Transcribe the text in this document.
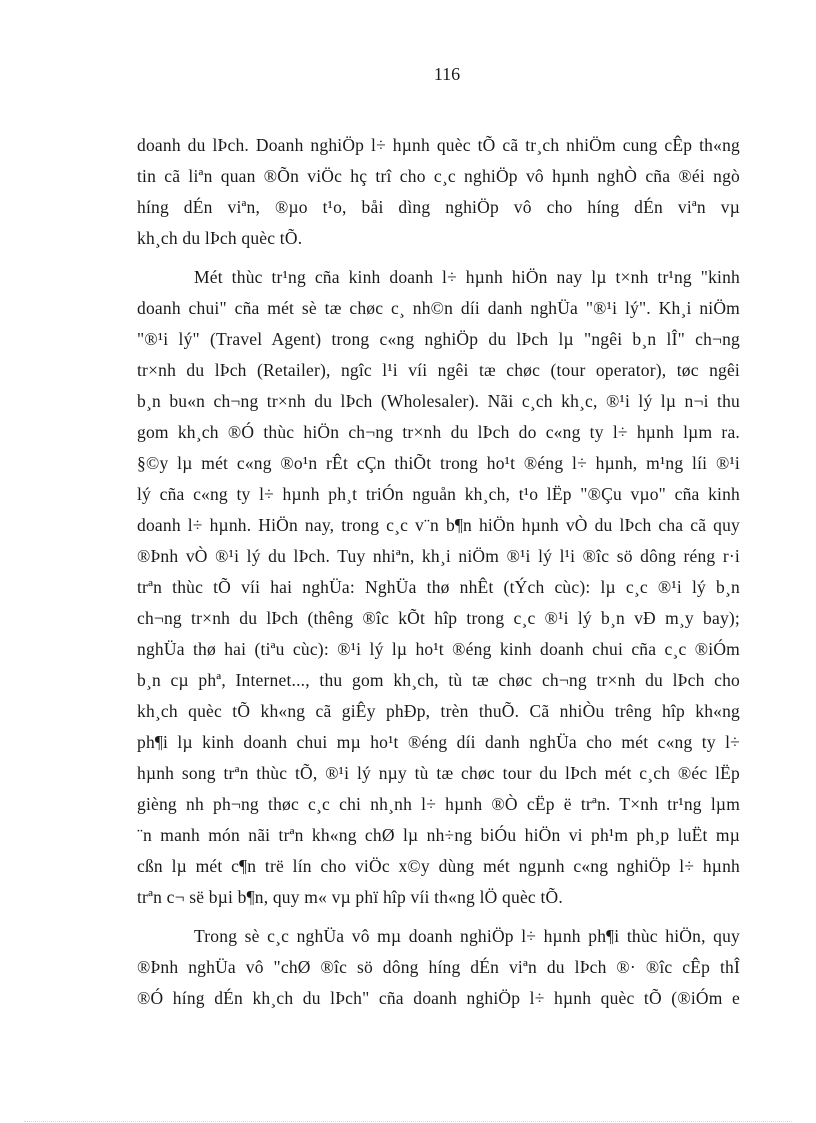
116

doanh du lÞch. Doanh nghiÖp l÷ hµnh quèc tÕ cã tr¸ch nhiÖm cung cÊp th«ng
tin cã liªn quan ®Õn viÖc hç trî cho c¸c nghiÖp vô hµnh nghÒ cña ®éi ngò
híng dÉn viªn, ®µo t¹o, båi dìng nghiÖp vô cho híng dÉn viªn vµ
kh¸ch du lÞch quèc tÕ.

Mét thùc tr¹ng cña kinh doanh l÷ hµnh hiÖn nay lµ t×nh tr¹ng "kinh
doanh chui" cña mét sè tæ chøc c¸ nh©n díi danh nghÜa "®¹i lý". Kh¸i niÖm
"®¹i lý" (Travel Agent) trong c«ng nghiÖp du lÞch lµ "ngêi b¸n lÎ" ch¬ng
tr×nh du lÞch (Retailer), ngîc l¹i víi ngêi tæ chøc (tour operator), tøc ngêi
b¸n bu«n ch¬ng tr×nh du lÞch (Wholesaler). Nãi c¸ch kh¸c, ®¹i lý lµ n¬i thu
gom kh¸ch ®Ó thùc hiÖn ch¬ng tr×nh du lÞch do c«ng ty l÷ hµnh lµm ra.
§©y lµ mét c«ng ®o¹n rÊt cÇn thiÕt trong ho¹t ®éng l÷ hµnh, m¹ng líi ®¹i
lý cña c«ng ty l÷ hµnh ph¸t triÓn nguån kh¸ch, t¹o lËp "®Çu vµo" cña kinh
doanh l÷ hµnh. HiÖn nay, trong c¸c v¨n b¶n hiÖn hµnh vÒ du lÞch cha cã quy
®Þnh vÒ ®¹i lý du lÞch. Tuy nhiªn, kh¸i niÖm ®¹i lý l¹i ®îc sö dông réng r·i
trªn thùc tÕ víi hai nghÜa: NghÜa thø nhÊt (tÝch cùc): lµ c¸c ®¹i lý b¸n
ch¬ng tr×nh du lÞch (thêng ®îc kÕt hîp trong c¸c ®¹i lý b¸n vÐ m¸y bay);
nghÜa thø hai (tiªu cùc): ®¹i lý lµ ho¹t ®éng kinh doanh chui cña c¸c ®iÓm
b¸n cµ phª, Internet..., thu gom kh¸ch, tù tæ chøc ch¬ng tr×nh du lÞch cho
kh¸ch quèc tÕ kh«ng cã giÊy phÐp, trèn thuÕ. Cã nhiÒu trêng hîp kh«ng
ph¶i lµ kinh doanh chui mµ ho¹t ®éng díi danh nghÜa cho mét c«ng ty l÷
hµnh song trªn thùc tÕ, ®¹i lý nµy tù tæ chøc tour du lÞch mét c¸ch ®éc lËp
gièng nh ph¬ng thøc c¸c chi nh¸nh l÷ hµnh ®Ò cËp ë trªn. T×nh tr¹ng lµm
¨n manh món nãi trªn kh«ng chØ lµ nh÷ng biÓu hiÖn vi ph¹m ph¸p luËt mµ
cßn lµ mét c¶n trë lín cho viÖc x©y dùng mét ngµnh c«ng nghiÖp l÷ hµnh
trªn c¬ së bµi b¶n, quy m« vµ phï hîp víi th«ng lÖ quèc tÕ.

Trong sè c¸c nghÜa vô mµ doanh nghiÖp l÷ hµnh ph¶i thùc hiÖn, quy
®Þnh nghÜa vô "chØ ®îc sö dông híng dÉn viªn du lÞch ®· ®îc cÊp thÎ
®Ó híng dÉn kh¸ch du lÞch" cña doanh nghiÖp l÷ hµnh quèc tÕ (®iÓm e
